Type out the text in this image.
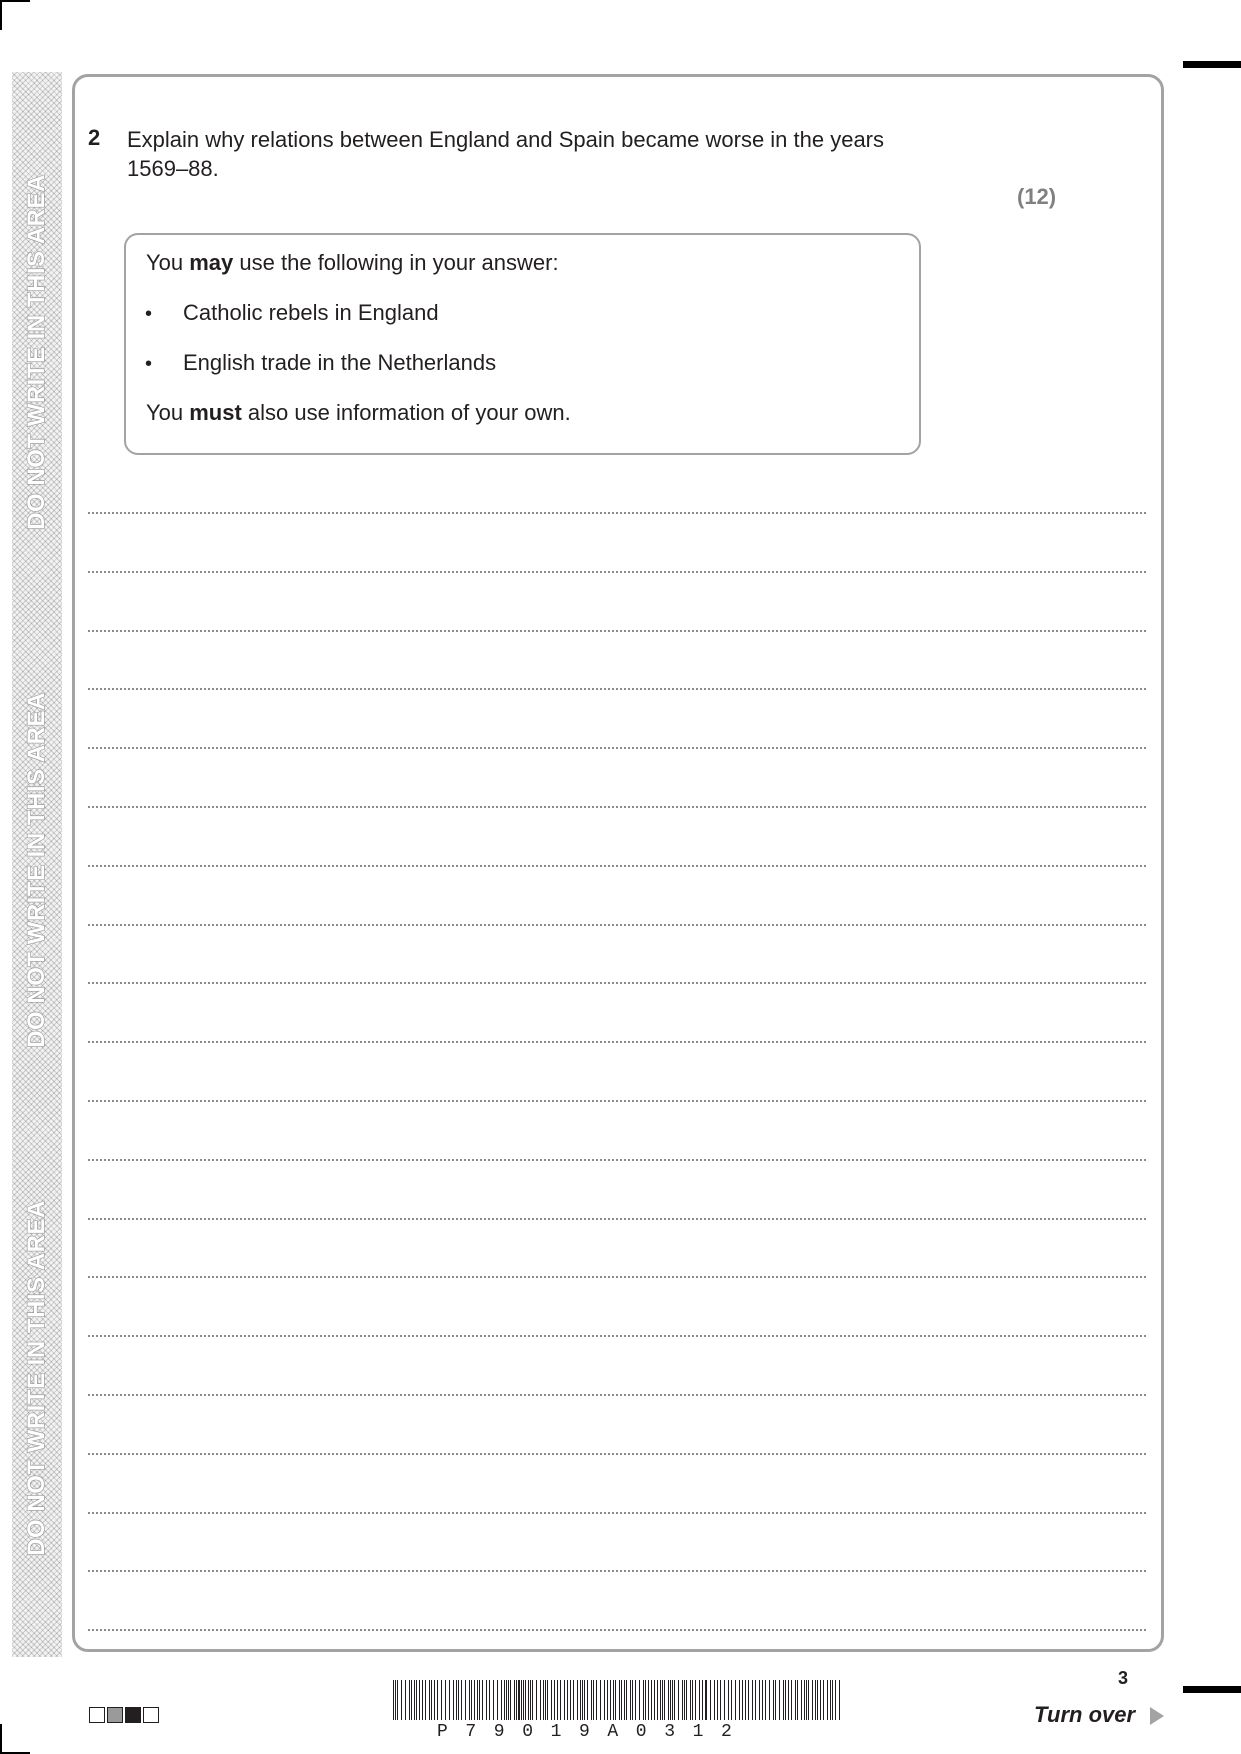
DO NOT WRITE IN THIS AREA
DO NOT WRITE IN THIS AREA
DO NOT WRITE IN THIS AREA
2 Explain why relations between England and Spain became worse in the years 1569–88.
(12)
You may use the following in your answer:
• Catholic rebels in England
• English trade in the Netherlands
You must also use information of your own.
P79019A0312
3
Turn over
